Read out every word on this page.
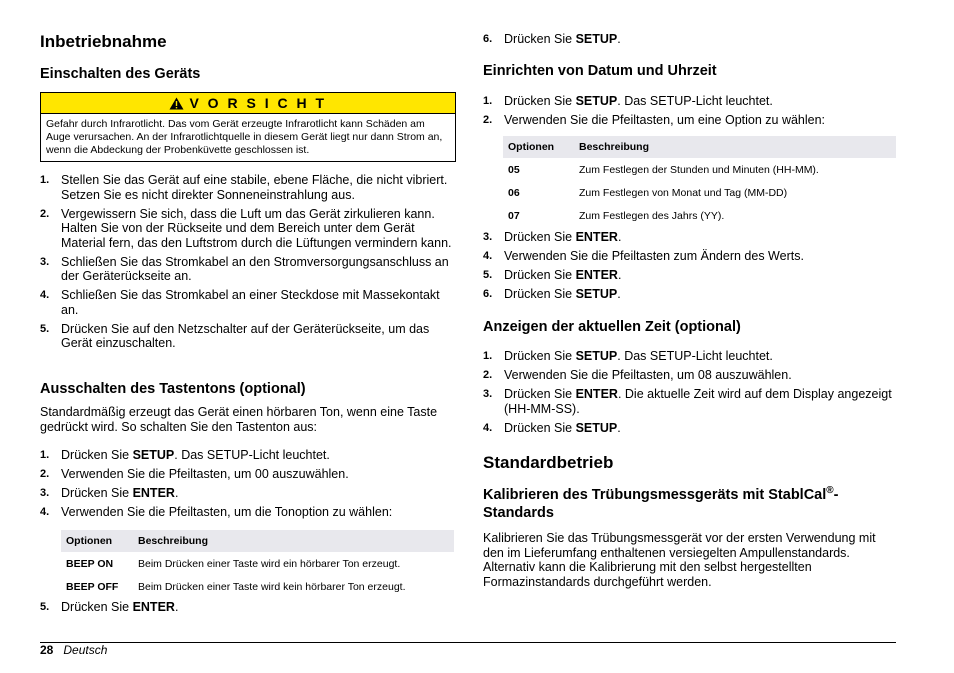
Inbetriebnahme
Einschalten des Geräts
V O R S I C H T
Gefahr durch Infrarotlicht. Das vom Gerät erzeugte Infrarotlicht kann Schäden am Auge verursachen. An der Infrarotlichtquelle in diesem Gerät liegt nur dann Strom an, wenn die Abdeckung der Probenküvette geschlossen ist.
1. Stellen Sie das Gerät auf eine stabile, ebene Fläche, die nicht vibriert. Setzen Sie es nicht direkter Sonneneinstrahlung aus.
2. Vergewissern Sie sich, dass die Luft um das Gerät zirkulieren kann. Halten Sie von der Rückseite und dem Bereich unter dem Gerät Material fern, das den Luftstrom durch die Lüftungen vermindern kann.
3. Schließen Sie das Stromkabel an den Stromversorgungsanschluss an der Geräterückseite an.
4. Schließen Sie das Stromkabel an einer Steckdose mit Massekontakt an.
5. Drücken Sie auf den Netzschalter auf der Geräterückseite, um das Gerät einzuschalten.
Ausschalten des Tastentons (optional)

Standardmäßig erzeugt das Gerät einen hörbaren Ton, wenn eine Taste gedrückt wird. So schalten Sie den Tastenton aus:

1. Drücken Sie SETUP. Das SETUP-Licht leuchtet.
2. Verwenden Sie die Pfeiltasten, um 00 auszuwählen.
3. Drücken Sie ENTER.
4. Verwenden Sie die Pfeiltasten, um die Tonoption zu wählen:
Optionen	Beschreibung
BEEP ON	Beim Drücken einer Taste wird ein hörbarer Ton erzeugt.
BEEP OFF	Beim Drücken einer Taste wird kein hörbarer Ton erzeugt.
5. Drücken Sie ENTER.
6. Drücken Sie SETUP.
Einrichten von Datum und Uhrzeit
1. Drücken Sie SETUP. Das SETUP-Licht leuchtet.
2. Verwenden Sie die Pfeiltasten, um eine Option zu wählen:
Optionen	Beschreibung
05	Zum Festlegen der Stunden und Minuten (HH-MM).
06	Zum Festlegen von Monat und Tag (MM-DD)
07	Zum Festlegen des Jahrs (YY).
3. Drücken Sie ENTER.
4. Verwenden Sie die Pfeiltasten zum Ändern des Werts.
5. Drücken Sie ENTER.
6. Drücken Sie SETUP.
Anzeigen der aktuellen Zeit (optional)
1. Drücken Sie SETUP. Das SETUP-Licht leuchtet.
2. Verwenden Sie die Pfeiltasten, um 08 auszuwählen.
3. Drücken Sie ENTER. Die aktuelle Zeit wird auf dem Display angezeigt (HH-MM-SS).
4. Drücken Sie SETUP.
Standardbetrieb
Kalibrieren des Trübungsmessgeräts mit StablCal®-
Standards

Kalibrieren Sie das Trübungsmessgerät vor der ersten Verwendung mit den im Lieferumfang enthaltenen versiegelten Ampullenstandards. Alternativ kann die Kalibrierung mit den selbst hergestellten Formazinstandards durchgeführt werden.

28 Deutsch
